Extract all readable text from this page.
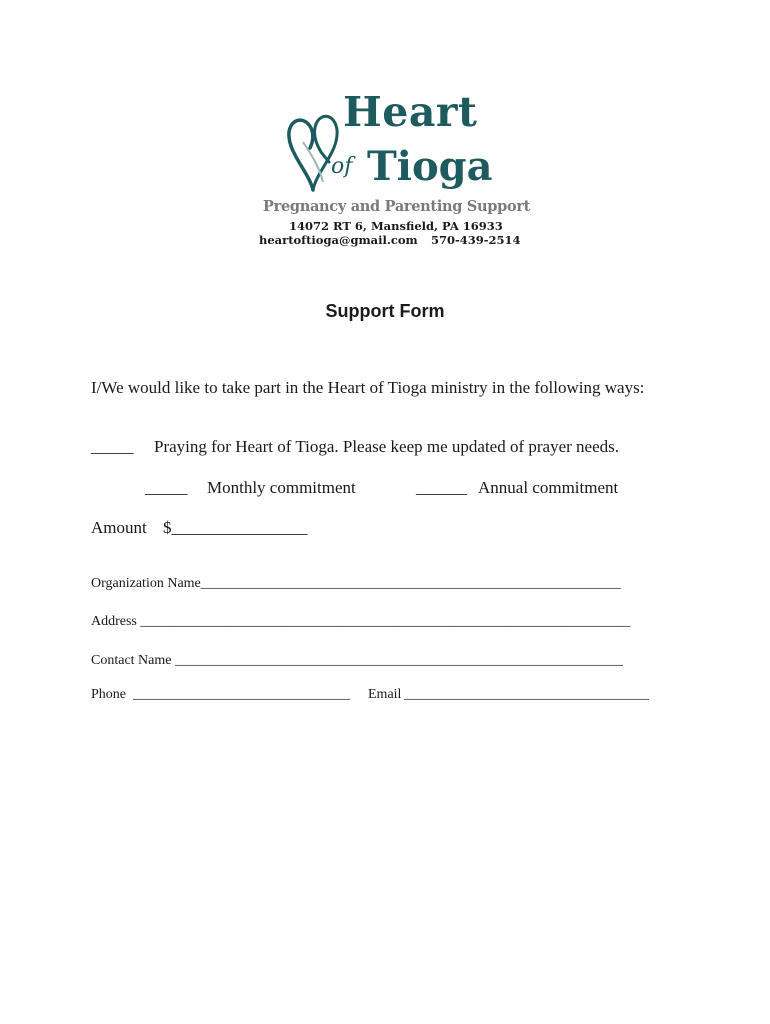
Heart
of Tioga
Pregnancy and Parenting Support
14072 RT 6, Mansfield, PA 16933
heartoftioga@gmail.com 570-439-2514
Support Form
I/We would like to take part in the Heart of Tioga ministry in the following ways:
_____ Praying for Heart of Tioga. Please keep me updated of prayer needs.
_____ Monthly commitment	______ Annual commitment
Amount $________________
Organization Name____________________________________________________________
Address ______________________________________________________________________
Contact Name ________________________________________________________________
Phone _______________________________	Email ___________________________________
